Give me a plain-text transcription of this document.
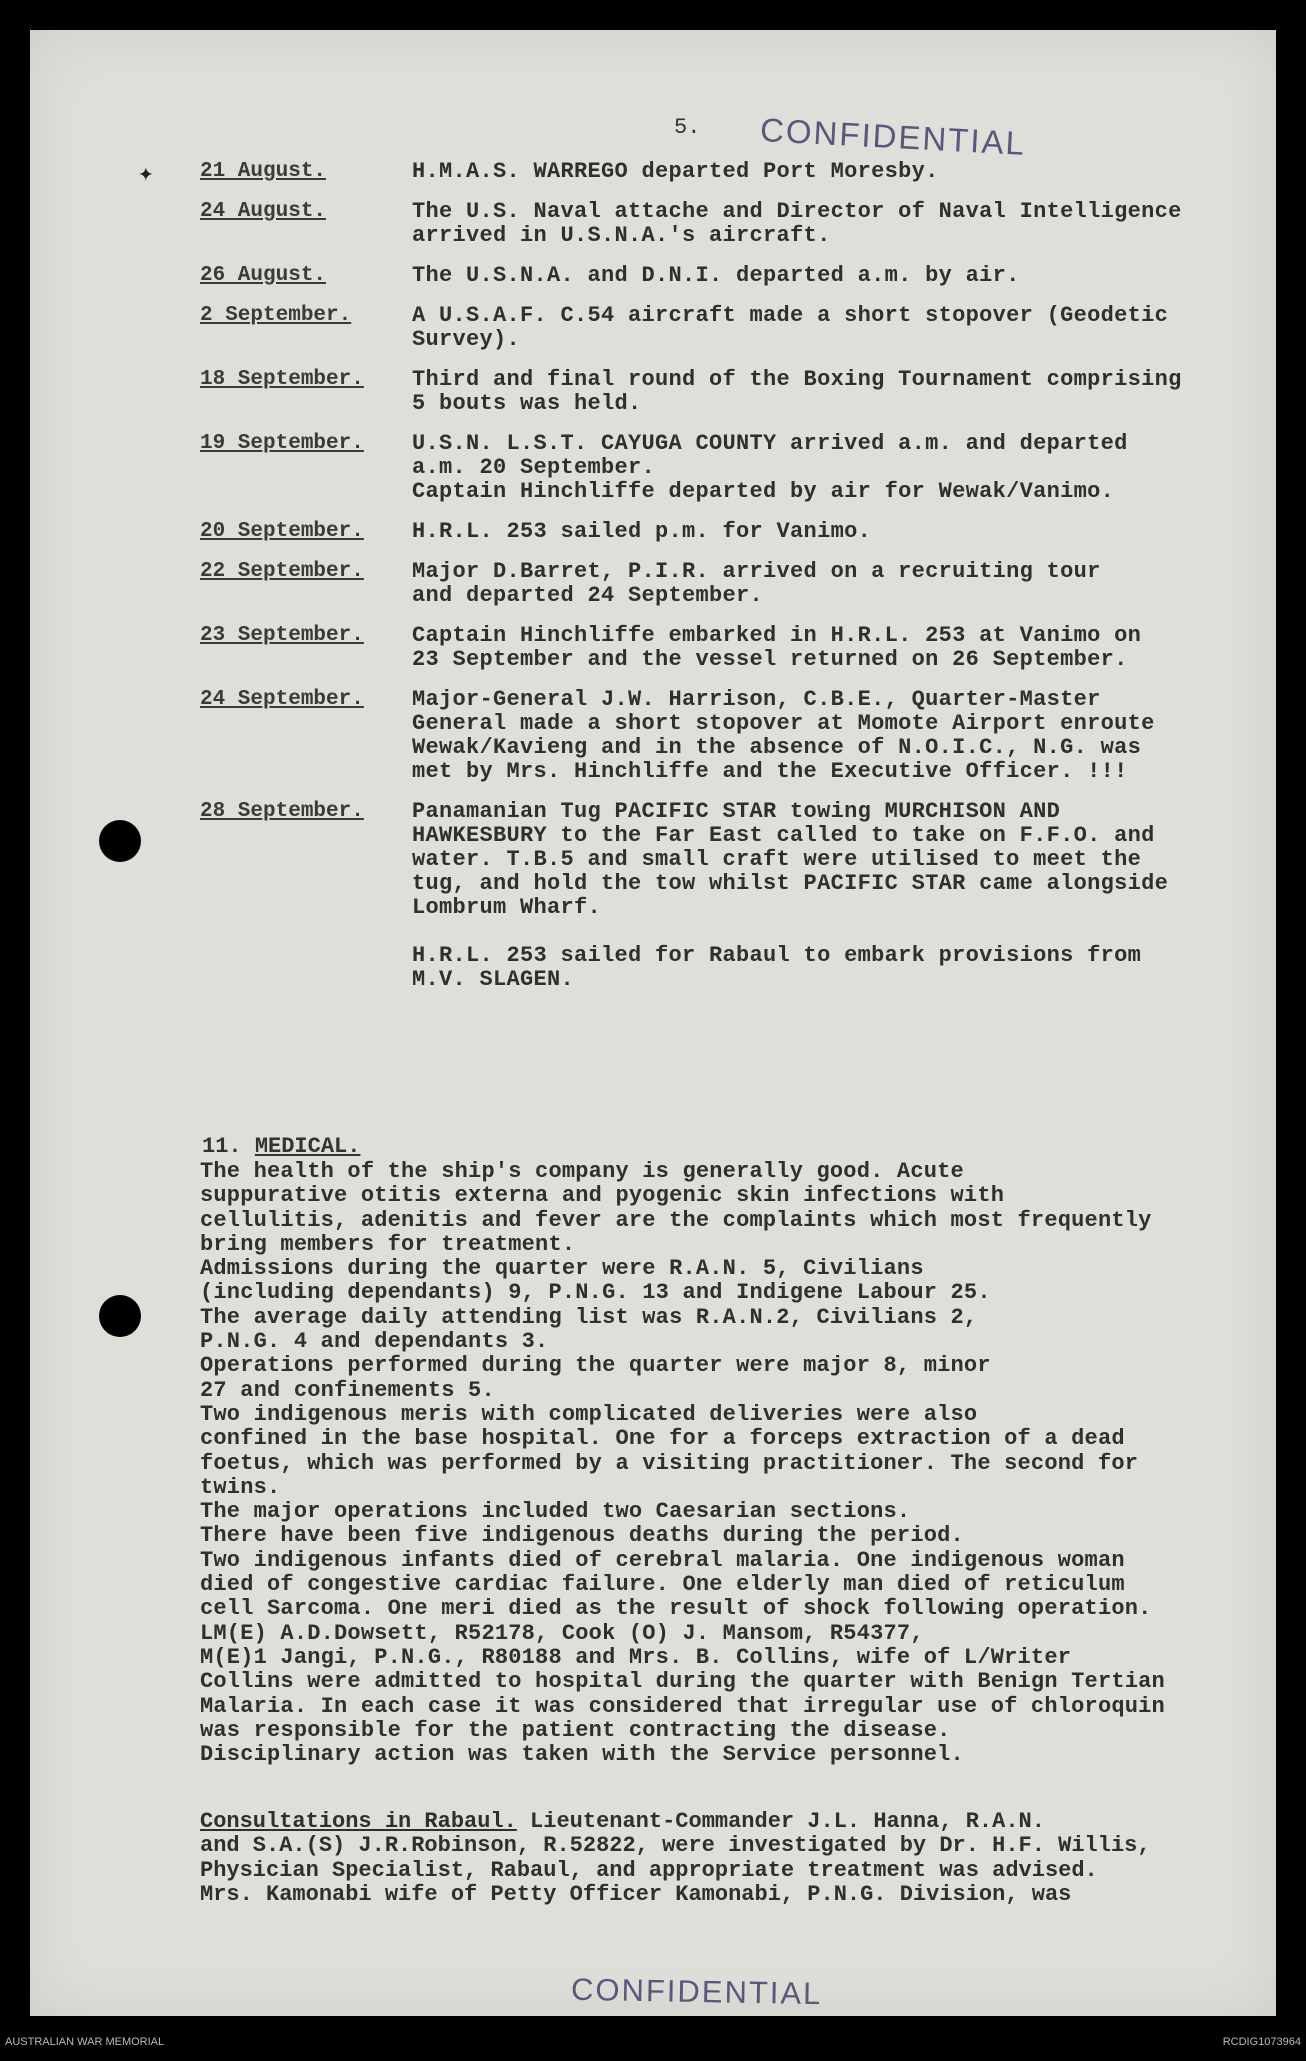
5. CONFIDENTIAL
✦ 21 August.	H.M.A.S. WARREGO departed Port Moresby.
24 August.	The U.S. Naval attache and Director of Naval Intelligence
arrived in U.S.N.A.'s aircraft.
26 August.	The U.S.N.A. and D.N.I. departed a.m. by air.
2 September.	A U.S.A.F. C.54 aircraft made a short stopover (Geodetic
Survey).
18 September.	Third and final round of the Boxing Tournament comprising
5 bouts was held.
19 September.	U.S.N. L.S.T. CAYUGA COUNTY arrived a.m. and departed
a.m. 20 September.
Captain Hinchliffe departed by air for Wewak/Vanimo.
20 September.	H.R.L. 253 sailed p.m. for Vanimo.
22 September.	Major D.Barret, P.I.R. arrived on a recruiting tour
and departed 24 September.
23 September.	Captain Hinchliffe embarked in H.R.L. 253 at Vanimo on
23 September and the vessel returned on 26 September.
24 September.	Major-General J.W. Harrison, C.B.E., Quarter-Master
General made a short stopover at Momote Airport enroute
Wewak/Kavieng and in the absence of N.O.I.C., N.G. was
met by Mrs. Hinchliffe and the Executive Officer. !!!
28 September.	Panamanian Tug PACIFIC STAR towing MURCHISON AND
HAWKESBURY to the Far East called to take on F.F.O. and
water. T.B.5 and small craft were utilised to meet the
tug, and hold the tow whilst PACIFIC STAR came alongside
Lombrum Wharf.
H.R.L. 253 sailed for Rabaul to embark provisions from
M.V. SLAGEN.
11. MEDICAL.
The health of the ship's company is generally good. Acute
suppurative otitis externa and pyogenic skin infections with
cellulitis, adenitis and fever are the complaints which most frequently
bring members for treatment.
Admissions during the quarter were R.A.N. 5, Civilians
(including dependants) 9, P.N.G. 13 and Indigene Labour 25.
The average daily attending list was R.A.N.2, Civilians 2,
P.N.G. 4 and dependants 3.
Operations performed during the quarter were major 8, minor
27 and confinements 5.
Two indigenous meris with complicated deliveries were also
confined in the base hospital. One for a forceps extraction of a dead
foetus, which was performed by a visiting practitioner. The second for
twins.
The major operations included two Caesarian sections.
There have been five indigenous deaths during the period.
Two indigenous infants died of cerebral malaria. One indigenous woman
died of congestive cardiac failure. One elderly man died of reticulum
cell Sarcoma. One meri died as the result of shock following operation.
LM(E) A.D.Dowsett, R52178, Cook (O) J. Mansom, R54377,
M(E)1 Jangi, P.N.G., R80188 and Mrs. B. Collins, wife of L/Writer
Collins were admitted to hospital during the quarter with Benign Tertian
Malaria. In each case it was considered that irregular use of chloroquin
was responsible for the patient contracting the disease.
Disciplinary action was taken with the Service personnel.
Consultations in Rabaul. Lieutenant-Commander J.L. Hanna, R.A.N.
and S.A.(S) J.R.Robinson, R.52822, were investigated by Dr. H.F. Willis,
Physician Specialist, Rabaul, and appropriate treatment was advised.
Mrs. Kamonabi wife of Petty Officer Kamonabi, P.N.G. Division, was
CONFIDENTIAL
AUSTRALIAN WAR MEMORIAL	RCDIG1073964
